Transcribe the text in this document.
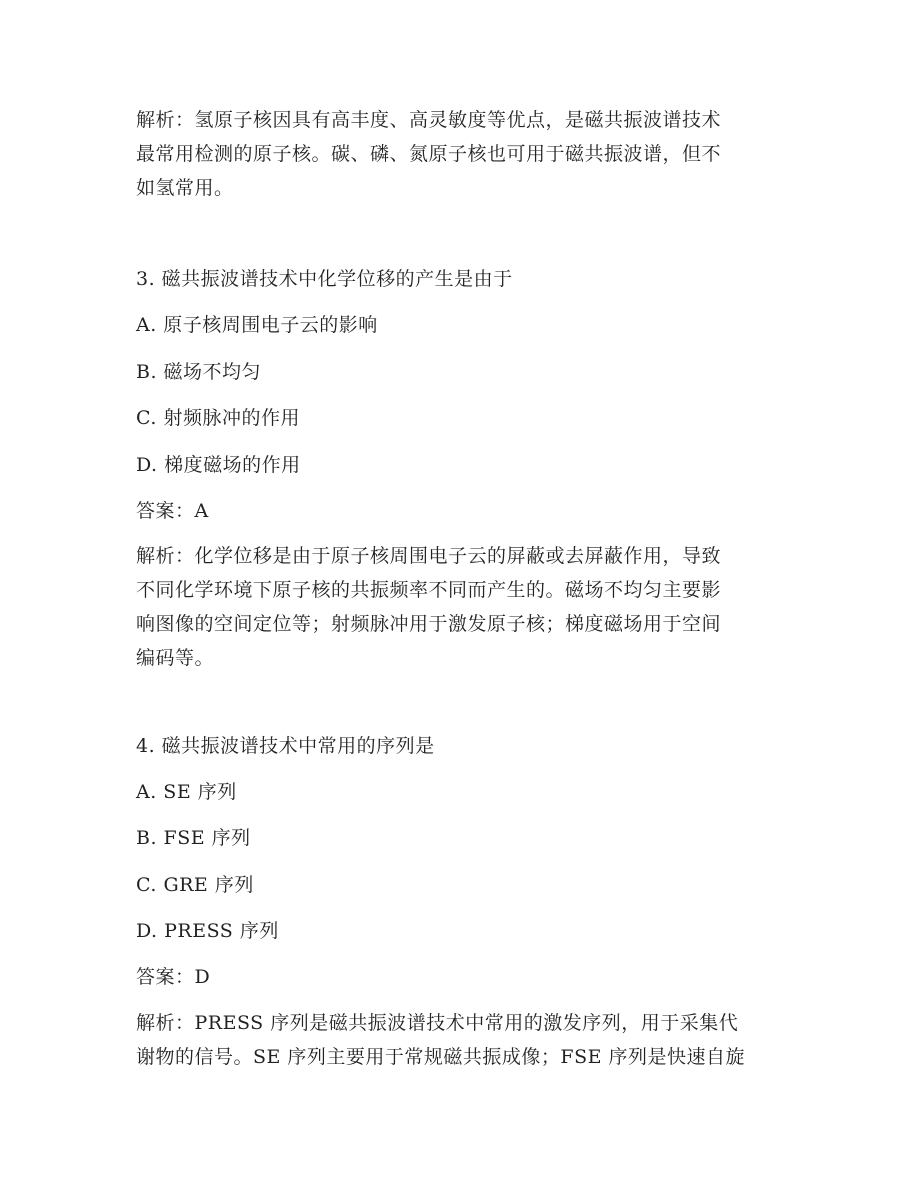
解析：氢原子核因具有高丰度、高灵敏度等优点，是磁共振波谱技术
最常用检测的原子核。碳、磷、氮原子核也可用于磁共振波谱，但不
如氢常用。
3. 磁共振波谱技术中化学位移的产生是由于
A. 原子核周围电子云的影响
B. 磁场不均匀
C. 射频脉冲的作用
D. 梯度磁场的作用
答案：A
解析：化学位移是由于原子核周围电子云的屏蔽或去屏蔽作用，导致
不同化学环境下原子核的共振频率不同而产生的。磁场不均匀主要影
响图像的空间定位等；射频脉冲用于激发原子核；梯度磁场用于空间
编码等。
4. 磁共振波谱技术中常用的序列是
A. SE 序列
B. FSE 序列
C. GRE 序列
D. PRESS 序列
答案：D
解析：PRESS 序列是磁共振波谱技术中常用的激发序列，用于采集代
谢物的信号。SE 序列主要用于常规磁共振成像；FSE 序列是快速自旋
